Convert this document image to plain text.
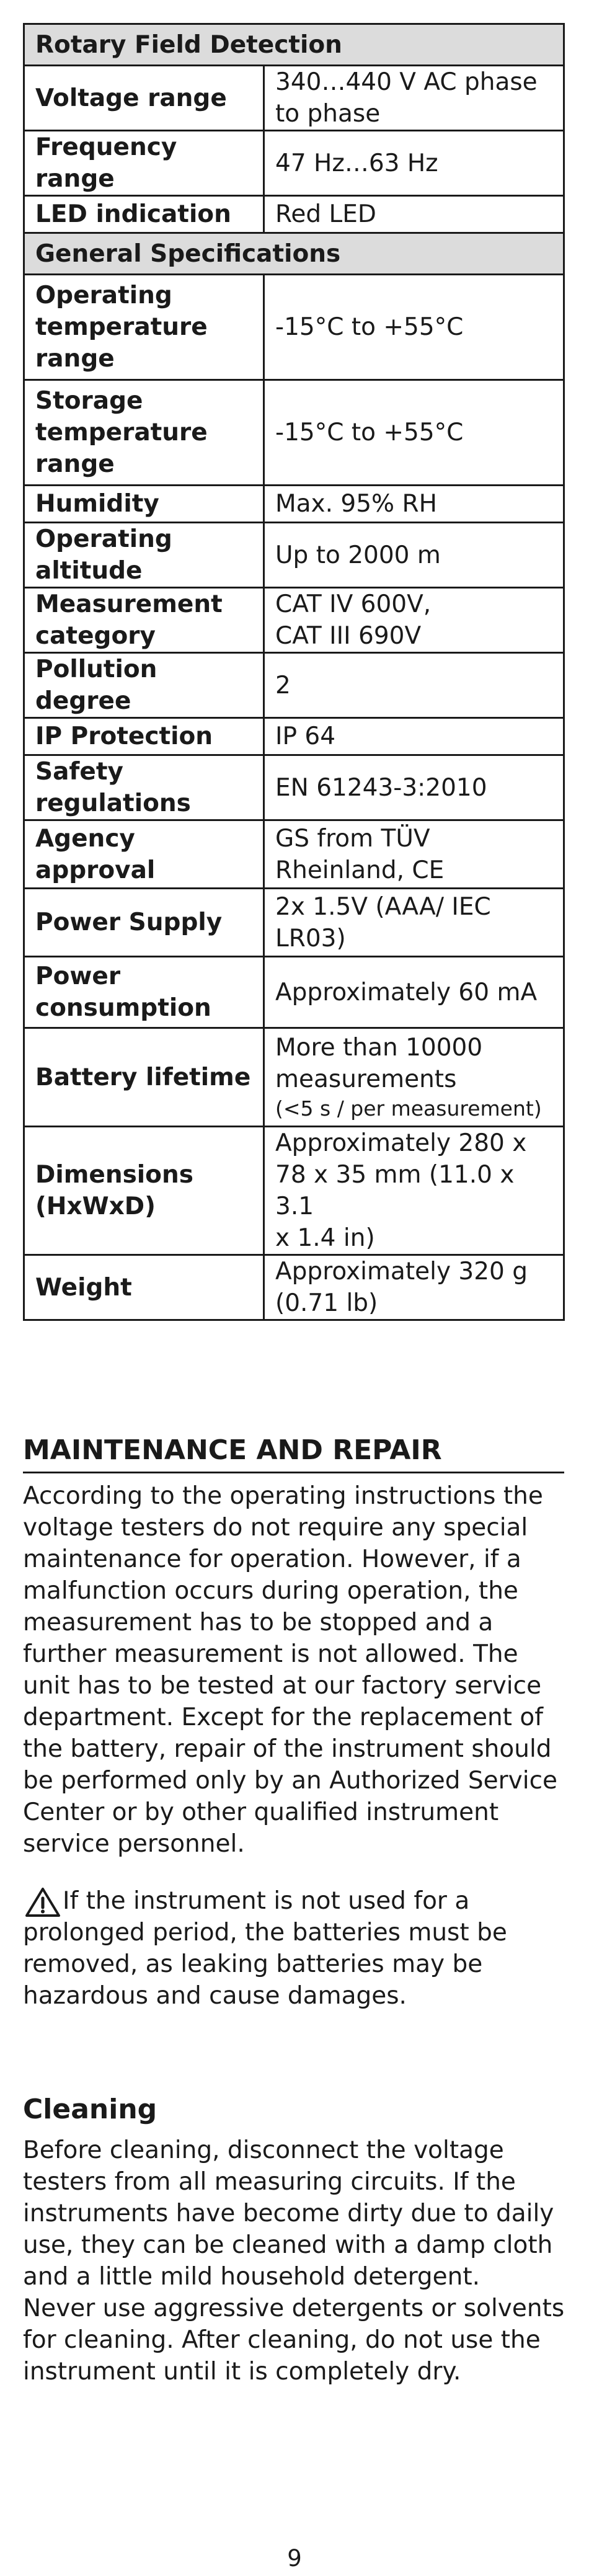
Rotary Field Detection	
Voltage range	340…440 V AC phase
to phase

Frequency range	47 Hz…63 Hz

LED indication	Red LED

General Specifications	
Operating
temperature
range	-15°C to +55°C

Storage
temperature
range	-15°C to +55°C

Humidity	Max. 95% RH

Operating
altitude	Up to 2000 m

Measurement
category	CAT IV 600V,
CAT III 690V

Pollution degree	2

IP Protection	IP 64

Safety
regulations	EN 61243-3:2010

Agency approval	GS from TÜV
Rheinland, CE

Power Supply	2x 1.5V (AAA/ IEC
LR03)

Power
consumption	Approximately 60 mA

Battery lifetime	More than 10000
measurements
(<5 s / per measurement)

Dimensions
(HxWxD)	Approximately 280 x
78 x 35 mm (11.0 x 3.1
x 1.4 in)

Weight	Approximately 320 g
(0.71 lb)
MAINTENANCE AND REPAIR

According to the operating instructions the
voltage testers do not require any special
maintenance for operation. However, if a
malfunction occurs during operation, the
measurement has to be stopped and a
further measurement is not allowed. The
unit has to be tested at our factory service
department. Except for the replacement of
the battery, repair of the instrument should
be performed only by an Authorized Service
Center or by other qualified instrument
service personnel.

If the instrument is not used for a
prolonged period, the batteries must be
removed, as leaking batteries may be
hazardous and cause damages.

Cleaning

Before cleaning, disconnect the voltage
testers from all measuring circuits. If the
instruments have become dirty due to daily
use, they can be cleaned with a damp cloth
and a little mild household detergent.
Never use aggressive detergents or solvents
for cleaning. After cleaning, do not use the
instrument until it is completely dry.

9
